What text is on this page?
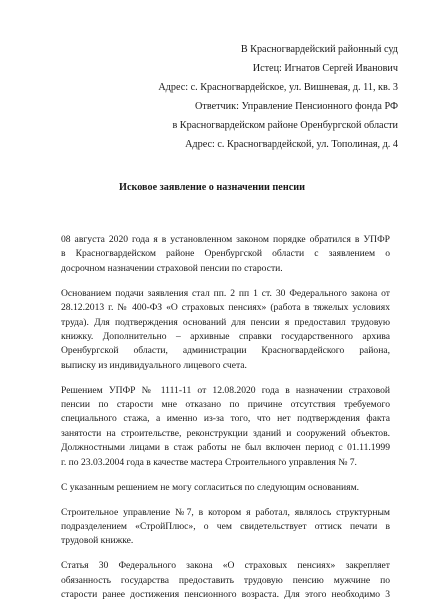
В Красногвардейский районный суд
Истец: Игнатов Сергей Иванович
Адрес: с. Красногвардейское, ул. Вишневая, д. 11, кв. 3
Ответчик: Управление Пенсионного фонда РФ
в Красногвардейском районе Оренбургской области
Адрес: с. Красногвардейской, ул. Тополиная, д. 4
Исковое заявление о назначении пенсии
08 августа 2020 года я в установленном законом порядке обратился в УПФР
в Красногвардейском районе Оренбургской области с заявлением о
досрочном назначении страховой пенсии по старости.
Основанием подачи заявления стал пп. 2 пп 1 ст. 30 Федерального закона от
28.12.2013 г. № 400-ФЗ «О страховых пенсиях» (работа в тяжелых условиях
труда). Для подтверждения оснований для пенсии я предоставил трудовую
книжку. Дополнительно – архивные справки государственного архива
Оренбургской области, администрации Красногвардейского района,
выписку из индивидуального лицевого счета.
Решением УПФР № 1111-11 от 12.08.2020 года в назначении страховой
пенсии по старости мне отказано по причине отсутствия требуемого
специального стажа, а именно из-за того, что нет подтверждения факта
занятости на строительстве, реконструкции зданий и сооружений объектов.
Должностными лицами в стаж работы не был включен период с 01.11.1999
г. по 23.03.2004 года в качестве мастера Строительного управления № 7.
С указанным решением не могу согласиться по следующим основаниям.
Строительное управление №7, в котором я работал, являлось структурным
подразделением «СтройПлюс», о чем свидетельствует оттиск печати в
трудовой книжке.
Статья 30 Федерального закона «О страховых пенсиях» закрепляет
обязанность государства предоставить трудовую пенсию мужчине по
старости ранее достижения пенсионного возраста. Для этого необходимо 3
